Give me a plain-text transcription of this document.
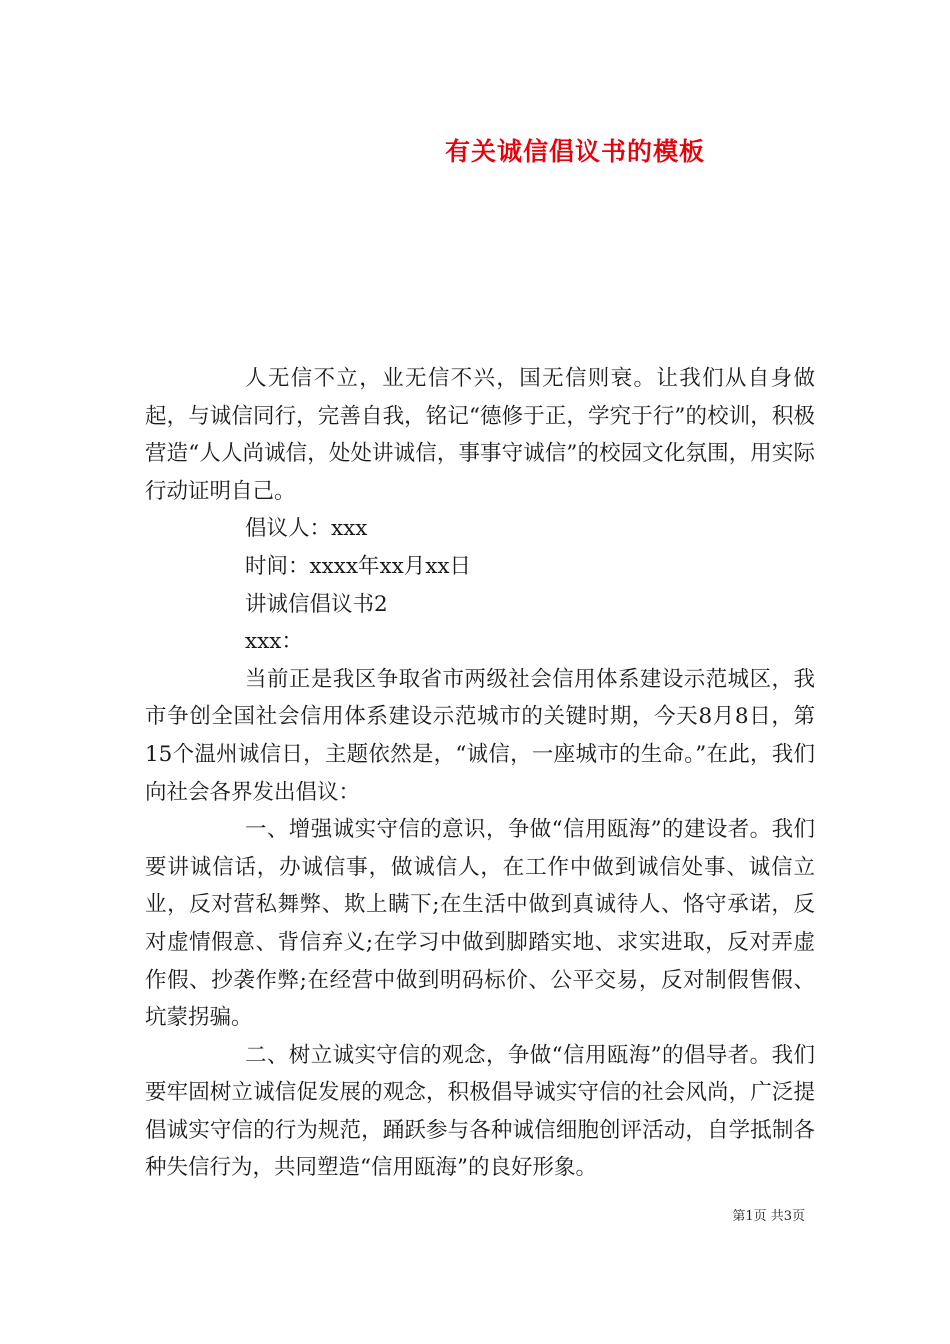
有关诚信倡议书的模板

人无信不立，业无信不兴，国无信则衰。让我们从自身做起，与诚信同行，完善自我，铭记“德修于正，学究于行”的校训，积极营造“人人尚诚信，处处讲诚信，事事守诚信”的校园文化氛围，用实际行动证明自己。

倡议人：xxx

时间：xxxx年xx月xx日

讲诚信倡议书2

xxx：

当前正是我区争取省市两级社会信用体系建设示范城区，我市争创全国社会信用体系建设示范城市的关键时期，今天8月8日，第15个温州诚信日，主题依然是，“诚信，一座城市的生命。”在此，我们向社会各界发出倡议：

一、增强诚实守信的意识，争做“信用瓯海”的建设者。我们要讲诚信话，办诚信事，做诚信人，在工作中做到诚信处事、诚信立业，反对营私舞弊、欺上瞒下;在生活中做到真诚待人、恪守承诺，反对虚情假意、背信弃义;在学习中做到脚踏实地、求实进取，反对弄虚作假、抄袭作弊;在经营中做到明码标价、公平交易，反对制假售假、坑蒙拐骗。

二、树立诚实守信的观念，争做“信用瓯海”的倡导者。我们要牢固树立诚信促发展的观念，积极倡导诚实守信的社会风尚，广泛提倡诚实守信的行为规范，踊跃参与各种诚信细胞创评活动，自学抵制各种失信行为，共同塑造“信用瓯海”的良好形象。

第1页 共3页
